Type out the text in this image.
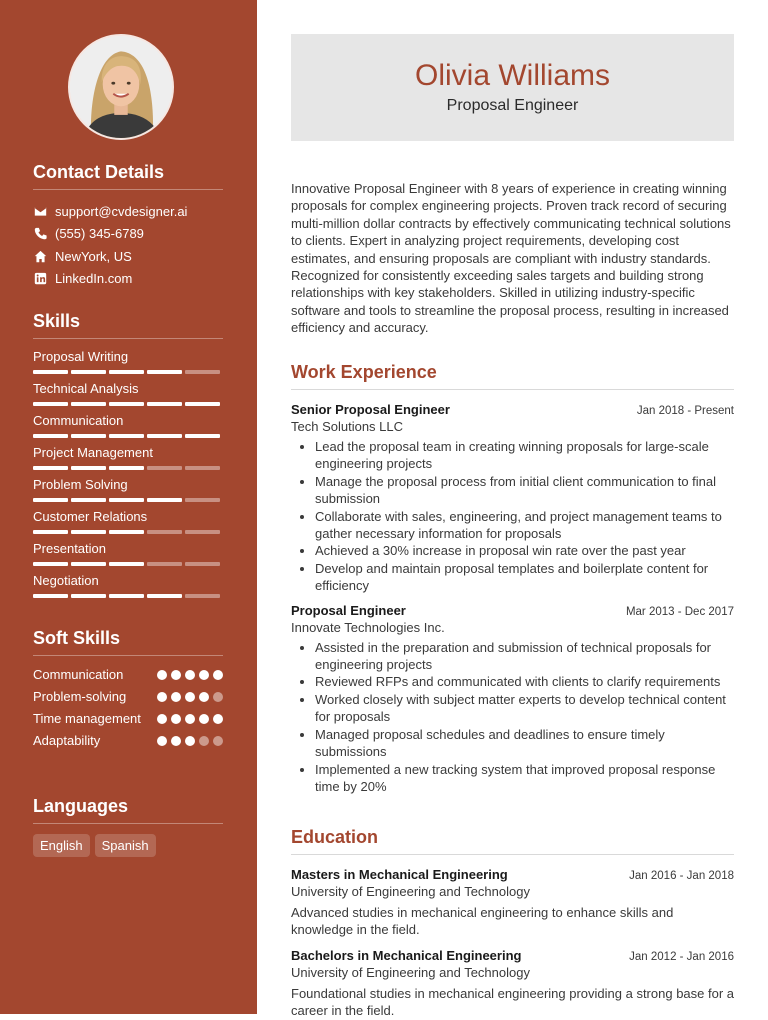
Contact Details
support@cvdesigner.ai
(555) 345-6789
NewYork, US
LinkedIn.com
Skills
Proposal Writing
Technical Analysis
Communication
Project Management
Problem Solving
Customer Relations
Presentation
Negotiation
Soft Skills
Communication
Problem-solving
Time management
Adaptability
Languages
English	Spanish
Olivia Williams
Proposal Engineer

Innovative Proposal Engineer with 8 years of experience in creating winning proposals for complex engineering projects. Proven track record of securing multi-million dollar contracts by effectively communicating technical solutions to clients. Expert in analyzing project requirements, developing cost estimates, and ensuring proposals are compliant with industry standards. Recognized for consistently exceeding sales targets and building strong relationships with key stakeholders. Skilled in utilizing industry-specific software and tools to streamline the proposal process, resulting in increased efficiency and accuracy.

Work Experience
Senior Proposal Engineer	Jan 2018 - Present
Tech Solutions LLC
• Lead the proposal team in creating winning proposals for large-scale engineering projects
• Manage the proposal process from initial client communication to final submission
• Collaborate with sales, engineering, and project management teams to gather necessary information for proposals
• Achieved a 30% increase in proposal win rate over the past year
• Develop and maintain proposal templates and boilerplate content for efficiency
Proposal Engineer	Mar 2013 - Dec 2017
Innovate Technologies Inc.
• Assisted in the preparation and submission of technical proposals for engineering projects
• Reviewed RFPs and communicated with clients to clarify requirements
• Worked closely with subject matter experts to develop technical content for proposals
• Managed proposal schedules and deadlines to ensure timely submissions
• Implemented a new tracking system that improved proposal response time by 20%
Education
Masters in Mechanical Engineering	Jan 2016 - Jan 2018
University of Engineering and Technology
Advanced studies in mechanical engineering to enhance skills and knowledge in the field.
Bachelors in Mechanical Engineering	Jan 2012 - Jan 2016
University of Engineering and Technology
Foundational studies in mechanical engineering providing a strong base for a career in the field.
